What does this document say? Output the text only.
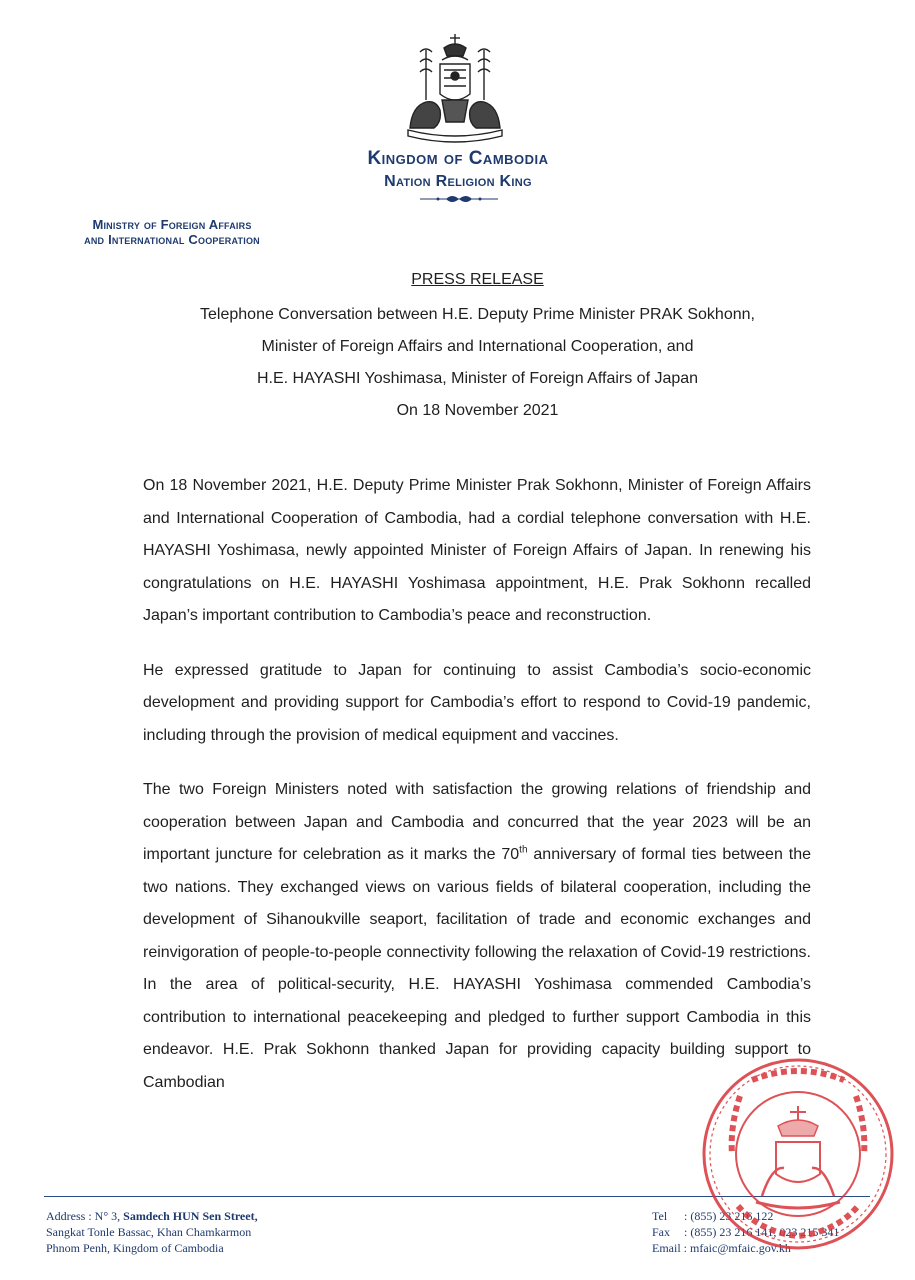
Kingdom of Cambodia
Nation Religion King
Ministry of Foreign Affairs
and International Cooperation
PRESS RELEASE
Telephone Conversation between H.E. Deputy Prime Minister PRAK Sokhonn,
Minister of Foreign Affairs and International Cooperation, and
H.E. HAYASHI Yoshimasa, Minister of Foreign Affairs of Japan
On 18 November 2021

On 18 November 2021, H.E. Deputy Prime Minister Prak Sokhonn, Minister of Foreign Affairs and International Cooperation of Cambodia, had a cordial telephone conversation with H.E. HAYASHI Yoshimasa, newly appointed Minister of Foreign Affairs of Japan. In renewing his congratulations on H.E. HAYASHI Yoshimasa appointment, H.E. Prak Sokhonn recalled Japan’s important contribution to Cambodia’s peace and reconstruction.

He expressed gratitude to Japan for continuing to assist Cambodia’s socio-economic development and providing support for Cambodia’s effort to respond to Covid-19 pandemic, including through the provision of medical equipment and vaccines.

The two Foreign Ministers noted with satisfaction the growing relations of friendship and cooperation between Japan and Cambodia and concurred that the year 2023 will be an important juncture for celebration as it marks the 70th anniversary of formal ties between the two nations. They exchanged views on various fields of bilateral cooperation, including the development of Sihanoukville seaport, facilitation of trade and economic exchanges and reinvigoration of people-to-people connectivity following the relaxation of Covid-19 restrictions. In the area of political-security, H.E. HAYASHI Yoshimasa commended Cambodia’s contribution to international peacekeeping and pledged to further support Cambodia in this endeavor. H.E. Prak Sokhonn thanked Japan for providing capacity building support to Cambodian

Address : N° 3, Samdech HUN Sen Street,
Sangkat Tonle Bassac, Khan Chamkarmon
Phnom Penh, Kingdom of Cambodia
Tel : (855) 23 216 122
Fax : (855) 23 216 141, 023 215 341
Email : mfaic@mfaic.gov.kh
